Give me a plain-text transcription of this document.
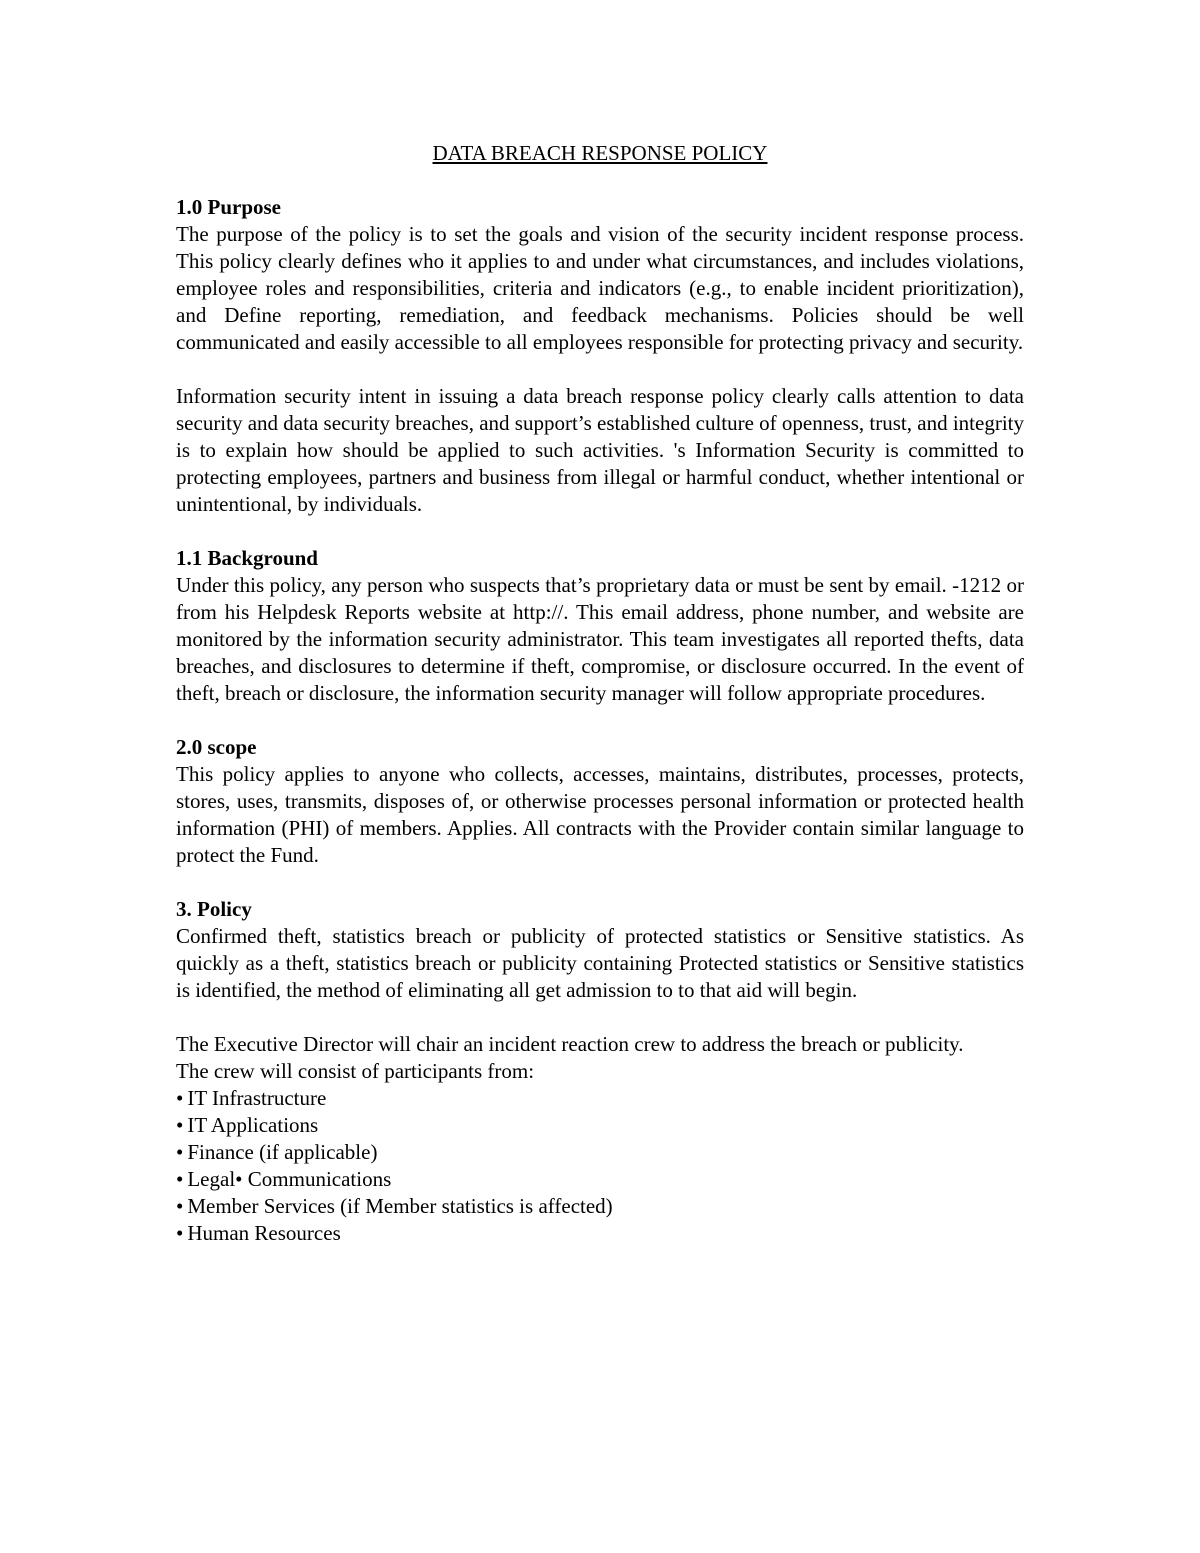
DATA BREACH RESPONSE POLICY
1.0 Purpose

The purpose of the policy is to set the goals and vision of the security incident response process. This policy clearly defines who it applies to and under what circumstances, and includes violations, employee roles and responsibilities, criteria and indicators (e.g., to enable incident prioritization), and Define reporting, remediation, and feedback mechanisms. Policies should be well communicated and easily accessible to all employees responsible for protecting privacy and security.

Information security intent in issuing a data breach response policy clearly calls attention to data security and data security breaches, and support’s established culture of openness, trust, and integrity is to explain how should be applied to such activities. 's Information Security is committed to protecting employees, partners and business from illegal or harmful conduct, whether intentional or unintentional, by individuals.

1.1 Background

Under this policy, any person who suspects that’s proprietary data or must be sent by email. -1212 or from his Helpdesk Reports website at http://. This email address, phone number, and website are monitored by the information security administrator. This team investigates all reported thefts, data breaches, and disclosures to determine if theft, compromise, or disclosure occurred. In the event of theft, breach or disclosure, the information security manager will follow appropriate procedures.

2.0 scope

This policy applies to anyone who collects, accesses, maintains, distributes, processes, protects, stores, uses, transmits, disposes of, or otherwise processes personal information or protected health information (PHI) of members. Applies. All contracts with the Provider contain similar language to protect the Fund.

3. Policy

Confirmed theft, statistics breach or publicity of protected statistics or Sensitive statistics. As quickly as a theft, statistics breach or publicity containing Protected statistics or Sensitive statistics is identified, the method of eliminating all get admission to to that aid will begin.

The Executive Director will chair an incident reaction crew to address the breach or publicity.

The crew will consist of participants from:

• IT Infrastructure
• IT Applications
• Finance (if applicable)
• Legal• Communications
• Member Services (if Member statistics is affected)
• Human Resources
